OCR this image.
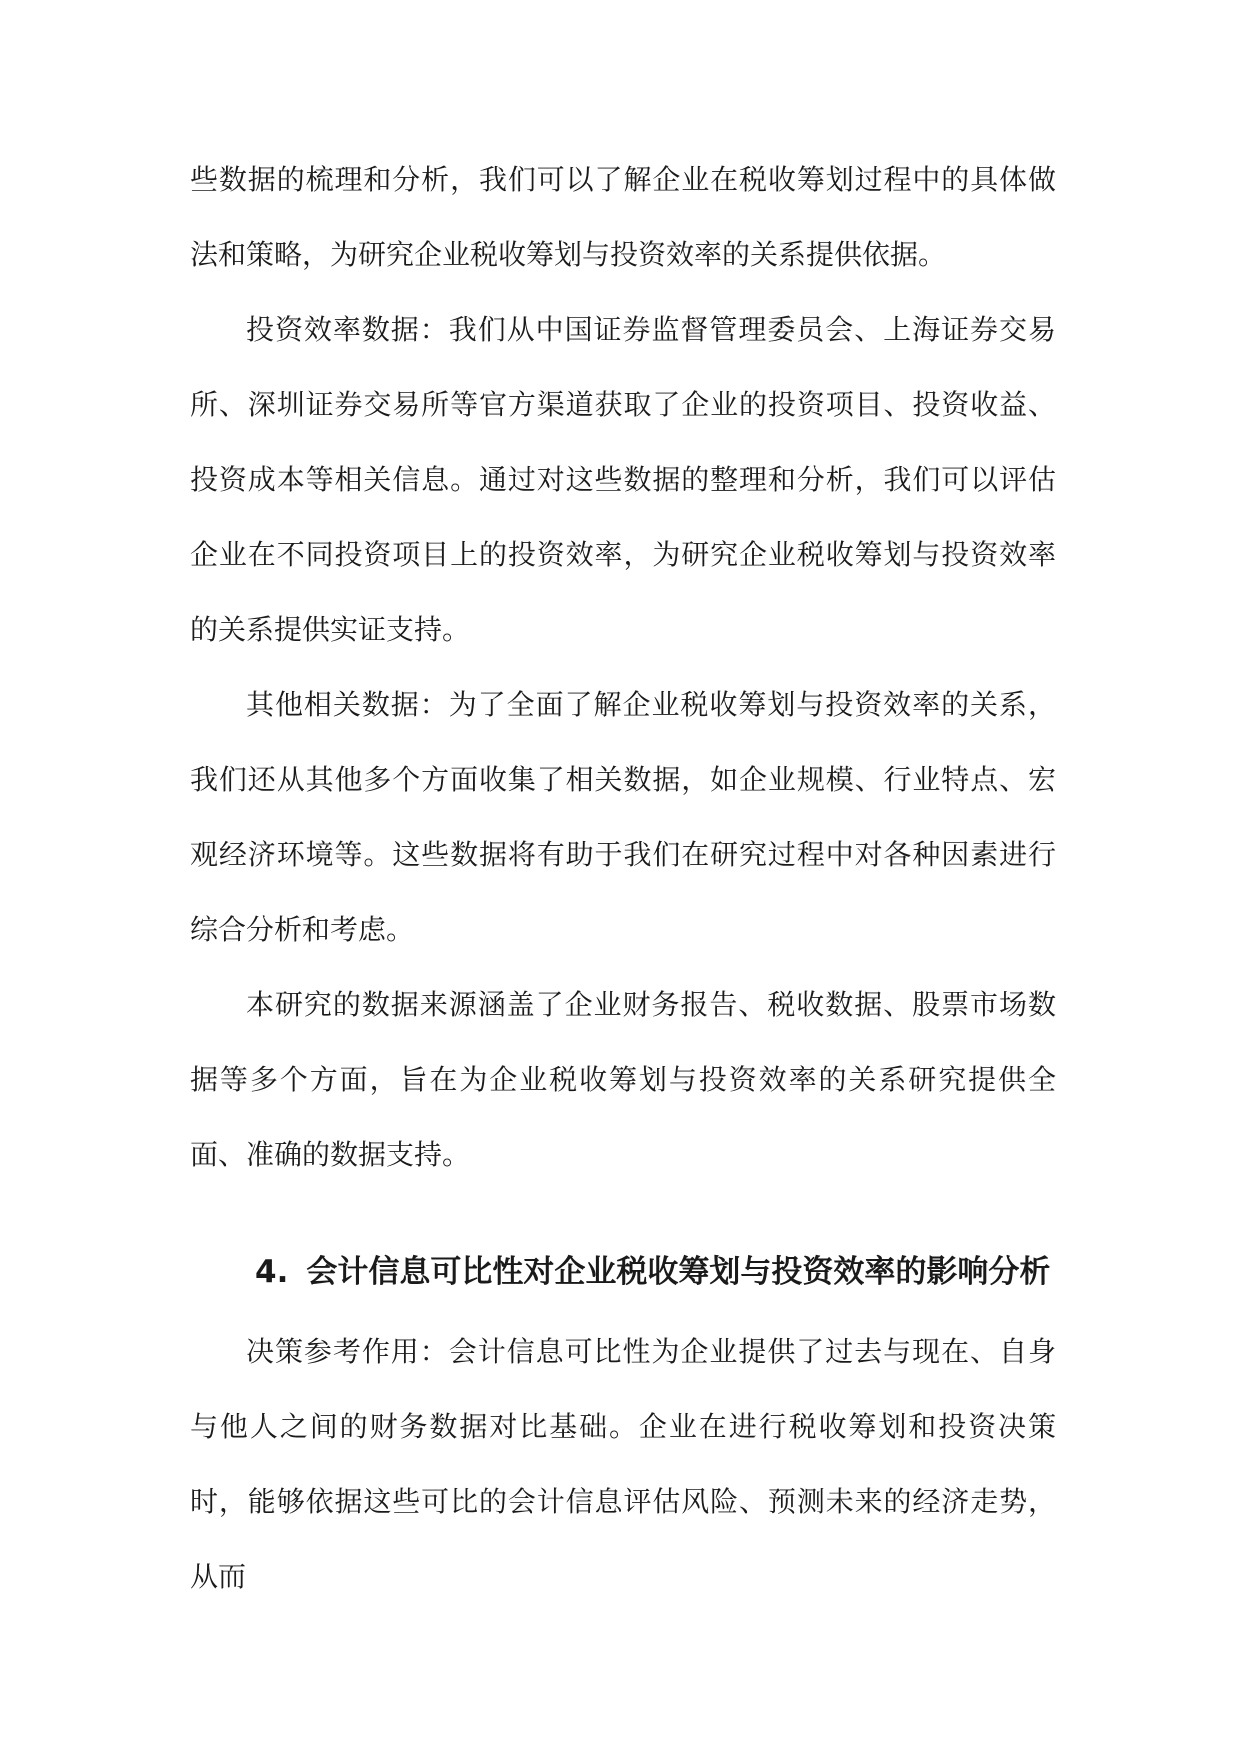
些数据的梳理和分析，我们可以了解企业在税收筹划过程中的具体做法和策略，为研究企业税收筹划与投资效率的关系提供依据。

投资效率数据：我们从中国证券监督管理委员会、上海证券交易所、深圳证券交易所等官方渠道获取了企业的投资项目、投资收益、投资成本等相关信息。通过对这些数据的整理和分析，我们可以评估企业在不同投资项目上的投资效率，为研究企业税收筹划与投资效率的关系提供实证支持。

其他相关数据：为了全面了解企业税收筹划与投资效率的关系，我们还从其他多个方面收集了相关数据，如企业规模、行业特点、宏观经济环境等。这些数据将有助于我们在研究过程中对各种因素进行综合分析和考虑。

本研究的数据来源涵盖了企业财务报告、税收数据、股票市场数据等多个方面，旨在为企业税收筹划与投资效率的关系研究提供全面、准确的数据支持。

4. 会计信息可比性对企业税收筹划与投资效率的影响分析

决策参考作用：会计信息可比性为企业提供了过去与现在、自身与他人之间的财务数据对比基础。企业在进行税收筹划和投资决策时，能够依据这些可比的会计信息评估风险、预测未来的经济走势，从而
